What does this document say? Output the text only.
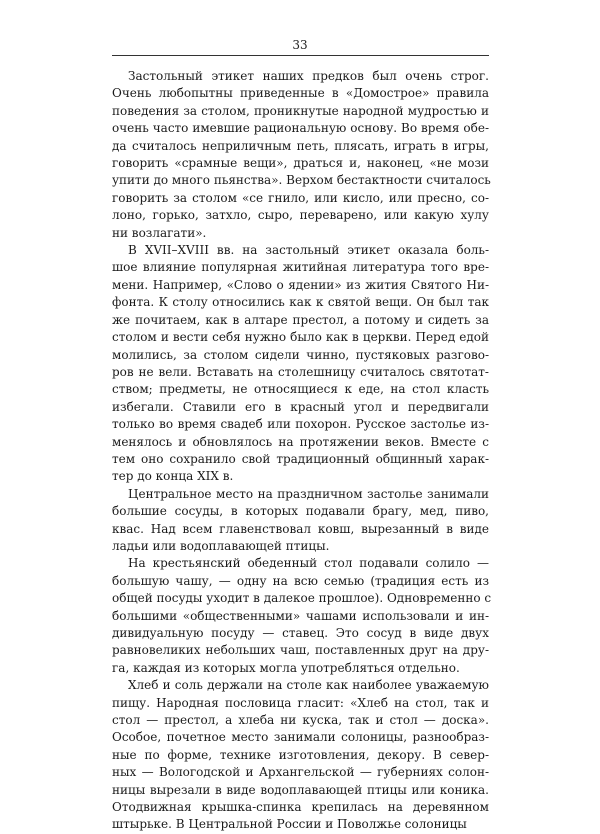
33
Застольный этикет наших предков был очень строг.
Очень любопытны приведенные в «Домострое» правила
поведения за столом, проникнутые народной мудростью и
очень часто имевшие рациональную основу. Во время обе-
да считалось неприличным петь, плясать, играть в игры,
говорить «срамные вещи», драться и, наконец, «не мози
упити до много пьянства». Верхом бестактности считалось
говорить за столом «се гнило, или кисло, или пресно, со-
лоно, горько, затхло, сыро, переварено, или какую хулу
ни возлагати».
В XVII–XVIII вв. на застольный этикет оказала боль-
шое влияние популярная житийная литература того вре-
мени. Например, «Слово о ядении» из жития Святого Ни-
фонта. К столу относились как к святой вещи. Он был так
же почитаем, как в алтаре престол, а потому и сидеть за
столом и вести себя нужно было как в церкви. Перед едой
молились, за столом сидели чинно, пустяковых разгово-
ров не вели. Вставать на столешницу считалось святотат-
ством; предметы, не относящиеся к еде, на стол класть
избегали. Ставили его в красный угол и передвигали
только во время свадеб или похорон. Русское застолье из-
менялось и обновлялось на протяжении веков. Вместе с
тем оно сохранило свой традиционный общинный харак-
тер до конца XIX в.
Центральное место на праздничном застолье занимали
большие сосуды, в которых подавали брагу, мед, пиво,
квас. Над всем главенствовал ковш, вырезанный в виде
ладьи или водоплавающей птицы.
На крестьянский обеденный стол подавали солило —
большую чашу, — одну на всю семью (традиция есть из
общей посуды уходит в далекое прошлое). Одновременно с
большими «общественными» чашами использовали и ин-
дивидуальную посуду — ставец. Это сосуд в виде двух
равновеликих небольших чаш, поставленных друг на дру-
га, каждая из которых могла употребляться отдельно.
Хлеб и соль держали на столе как наиболее уважаемую
пищу. Народная пословица гласит: «Хлеб на стол, так и
стол — престол, а хлеба ни куска, так и стол — доска».
Особое, почетное место занимали солоницы, разнообраз-
ные по форме, технике изготовления, декору. В север-
ных — Вологодской и Архангельской — губерниях солон-
ницы вырезали в виде водоплавающей птицы или коника.
Отодвижная крышка-спинка крепилась на деревянном
штырьке. В Центральной России и Поволжье солоницы
